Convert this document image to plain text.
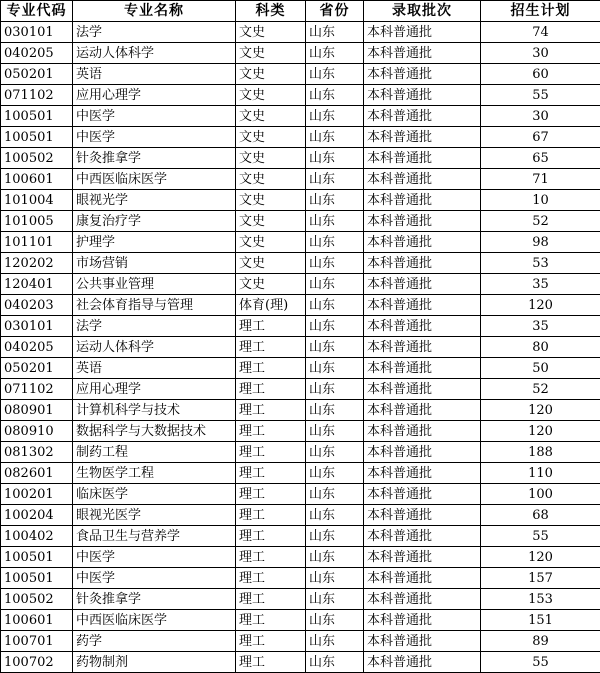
专业代码	专业名称	科类	省份	录取批次	招生计划
030101	法学	文史	山东	本科普通批	74
040205	运动人体科学	文史	山东	本科普通批	30
050201	英语	文史	山东	本科普通批	60
071102	应用心理学	文史	山东	本科普通批	55
100501	中医学	文史	山东	本科普通批	30
100501	中医学	文史	山东	本科普通批	67
100502	针灸推拿学	文史	山东	本科普通批	65
100601	中西医临床医学	文史	山东	本科普通批	71
101004	眼视光学	文史	山东	本科普通批	10
101005	康复治疗学	文史	山东	本科普通批	52
101101	护理学	文史	山东	本科普通批	98
120202	市场营销	文史	山东	本科普通批	53
120401	公共事业管理	文史	山东	本科普通批	35
040203	社会体育指导与管理	体育(理)	山东	本科普通批	120
030101	法学	理工	山东	本科普通批	35
040205	运动人体科学	理工	山东	本科普通批	80
050201	英语	理工	山东	本科普通批	50
071102	应用心理学	理工	山东	本科普通批	52
080901	计算机科学与技术	理工	山东	本科普通批	120
080910	数据科学与大数据技术	理工	山东	本科普通批	120
081302	制药工程	理工	山东	本科普通批	188
082601	生物医学工程	理工	山东	本科普通批	110
100201	临床医学	理工	山东	本科普通批	100
100204	眼视光医学	理工	山东	本科普通批	68
100402	食品卫生与营养学	理工	山东	本科普通批	55
100501	中医学	理工	山东	本科普通批	120
100501	中医学	理工	山东	本科普通批	157
100502	针灸推拿学	理工	山东	本科普通批	153
100601	中西医临床医学	理工	山东	本科普通批	151
100701	药学	理工	山东	本科普通批	89
100702	药物制剂	理工	山东	本科普通批	55
